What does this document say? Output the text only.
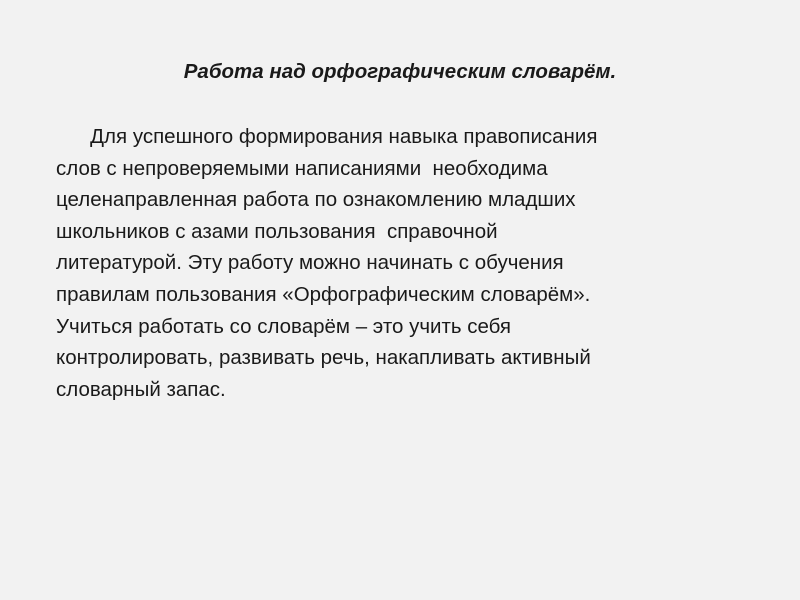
Работа над орфографическим словарём.

Для успешного формирования навыка правописания

слов с непроверяемыми написаниями  необходима

целенаправленная работа по ознакомлению младших

школьников с азами пользования  справочной

литературой. Эту работу можно начинать с обучения

правилам пользования «Орфографическим словарём».

Учиться работать со словарём – это учить себя

контролировать, развивать речь, накапливать активный

словарный запас.
